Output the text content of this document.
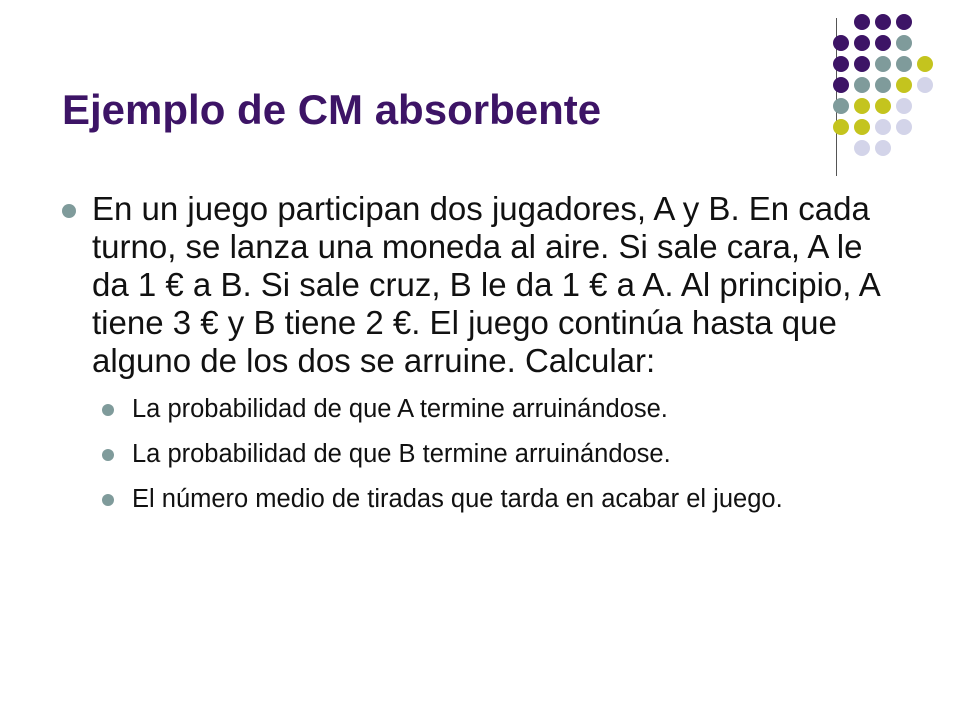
Ejemplo de CM absorbente
En un juego participan dos jugadores, A y B. En cada turno, se lanza una moneda al aire. Si sale cara, A le da 1 € a B. Si sale cruz, B le da 1 € a A. Al principio, A tiene 3 € y B tiene 2 €. El juego continúa hasta que alguno de los dos se arruine. Calcular:
La probabilidad de que A termine arruinándose.
La probabilidad de que B termine arruinándose.
El número medio de tiradas que tarda en acabar el juego.
